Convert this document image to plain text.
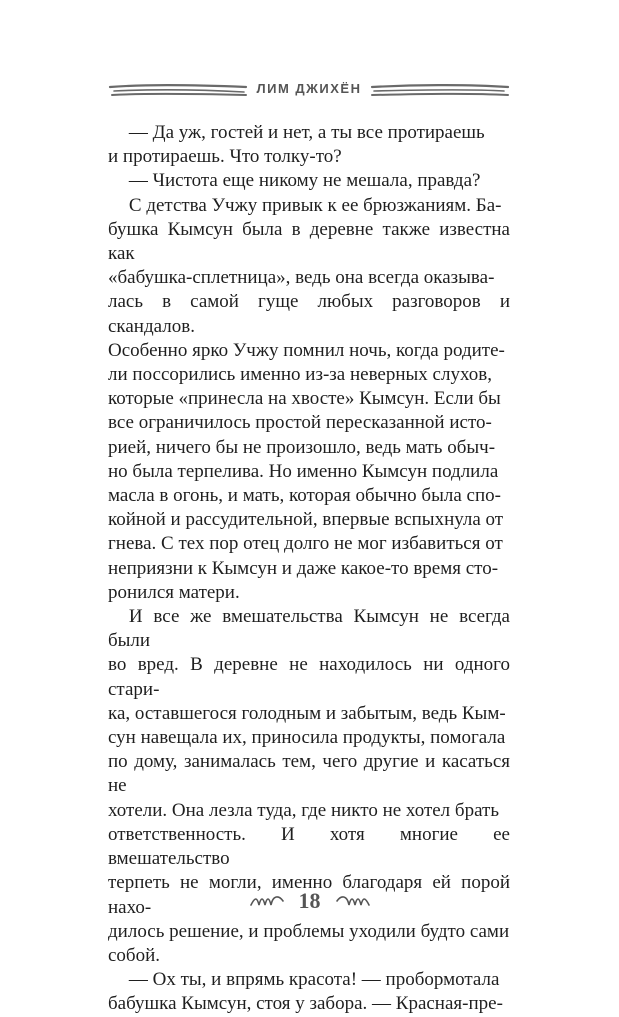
ЛИМ ДЖИХЁН

— Да уж, гостей и нет, а ты все протираешь
и протираешь. Что толку-то?

— Чистота еще никому не мешала, правда?

С детства Учжу привык к ее брюзжаниям. Ба-
бушка Кымсун была в деревне также известна как
«бабушка-сплетница», ведь она всегда оказыва-
лась в самой гуще любых разговоров и скандалов.
Особенно ярко Учжу помнил ночь, когда родите-
ли поссорились именно из-за неверных слухов,
которые «принесла на хвосте» Кымсун. Если бы
все ограничилось простой пересказанной исто-
рией, ничего бы не произошло, ведь мать обыч-
но была терпелива. Но именно Кымсун подлила
масла в огонь, и мать, которая обычно была спо-
койной и рассудительной, впервые вспыхнула от
гнева. С тех пор отец долго не мог избавиться от
неприязни к Кымсун и даже какое-то время сто-
ронился матери.

И все же вмешательства Кымсун не всегда были
во вред. В деревне не находилось ни одного стари-
ка, оставшегося голодным и забытым, ведь Кым-
сун навещала их, приносила продукты, помогала
по дому, занималась тем, чего другие и касаться не
хотели. Она лезла туда, где никто не хотел брать
ответственность. И хотя многие ее вмешательство
терпеть не могли, именно благодаря ей порой нахо-
дилось решение, и проблемы уходили будто сами
собой.

— Ох ты, и впрямь красота! — пробормотала
бабушка Кымсун, стоя у забора. — Красная-пре-

18
